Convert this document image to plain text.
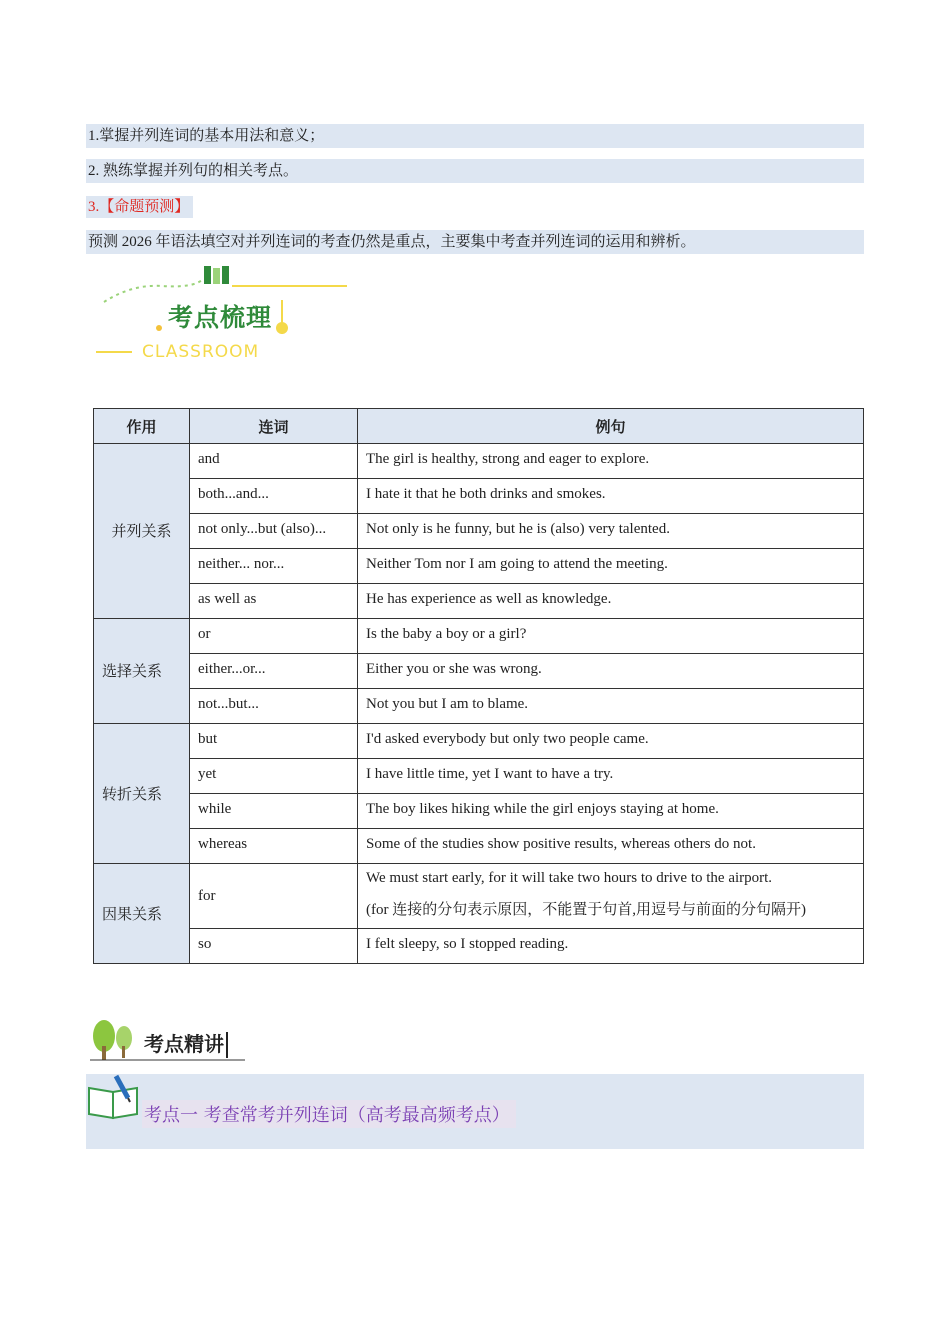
1.掌握并列连词的基本用法和意义；
2. 熟练掌握并列句的相关考点。
3.【命题预测】
预测 2026 年语法填空对并列连词的考查仍然是重点，主要集中考查并列连词的运用和辨析。
考点梳理
CLASSROOM
作用	连词	例句
并列关系	and	The girl is healthy, strong and eager to explore.
	both...and...	I hate it that he both drinks and smokes.
	not only...but (also)...	Not only is he funny, but he is (also) very talented.
	neither... nor...	Neither Tom nor I am going to attend the meeting.
	as well as	He has experience as well as knowledge.
选择关系	or	Is the baby a boy or a girl?
	either...or...	Either you or she was wrong.
	not...but...	Not you but I am to blame.
转折关系	but	I'd asked everybody but only two people came.
	yet	I have little time, yet I want to have a try.
	while	The boy likes hiking while the girl enjoys staying at home.
	whereas	Some of the studies show positive results, whereas others do not.
因果关系	for	We must start early, for it will take two hours to drive to the airport.
(for 连接的分句表示原因，不能置于句首,用逗号与前面的分句隔开)

	so	I felt sleepy, so I stopped reading.
考点精讲
考点一 考查常考并列连词（高考最高频考点）
